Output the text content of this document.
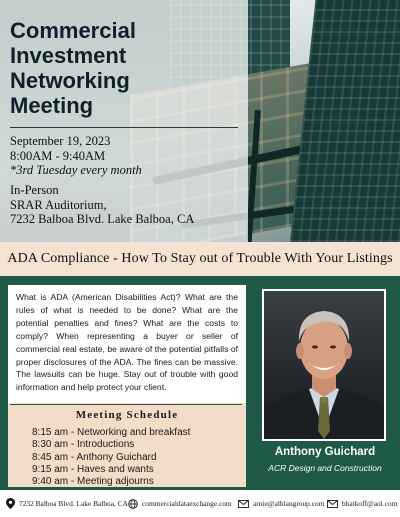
Commercial
Investment
Networking
Meeting
September 19, 2023
8:00AM - 9:40AM
*3rd Tuesday every month
In-Person
SRAR Auditorium,
7232 Balboa Blvd. Lake Balboa, CA
ADA Compliance - How To Stay out of Trouble With Your Listings
What is ADA (American Disabilities Act)? What are the rules of what is needed to be done? What are the potential penalties and fines? What are the costs to comply? When representing a buyer or seller of commercial real estate, be aware of the potential pitfalls of proper disclosures of the ADA. The fines can be massive. The lawsuits can be huge. Stay out of trouble with good information and help protect your client.
Meeting Schedule
8:15 am - Networking and breakfast
8:30 am - Introductions
8:45 am - Anthony Guichard
9:15 am - Haves and wants
9:40 am - Meeting adjourns
Anthony Guichard
ACR Design and Construction
7232 Balboa Blvd. Lake Balboa, CA commercialdataexchange.com	arnie@alhlangroup.com bhatkoff@aol.com
